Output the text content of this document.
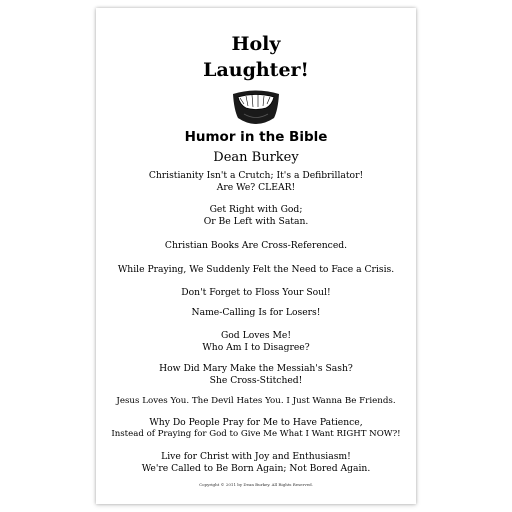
Holy
Laughter!
Humor in the Bible
Dean Burkey
Christianity Isn't a Crutch; It's a Defibrillator!
Are We? CLEAR!
Get Right with God;
Or Be Left with Satan.
Christian Books Are Cross-Referenced.
While Praying, We Suddenly Felt the Need to Face a Crisis.
Don't Forget to Floss Your Soul!
Name-Calling Is for Losers!
God Loves Me!
Who Am I to Disagree?
How Did Mary Make the Messiah's Sash?
She Cross-Stitched!
Jesus Loves You. The Devil Hates You. I Just Wanna Be Friends.
Why Do People Pray for Me to Have Patience,
Instead of Praying for God to Give Me What I Want RIGHT NOW?!
Live for Christ with Joy and Enthusiasm!
We're Called to Be Born Again; Not Bored Again.
Copyright © 2011 by Dean Burkey. All Rights Reserved.
